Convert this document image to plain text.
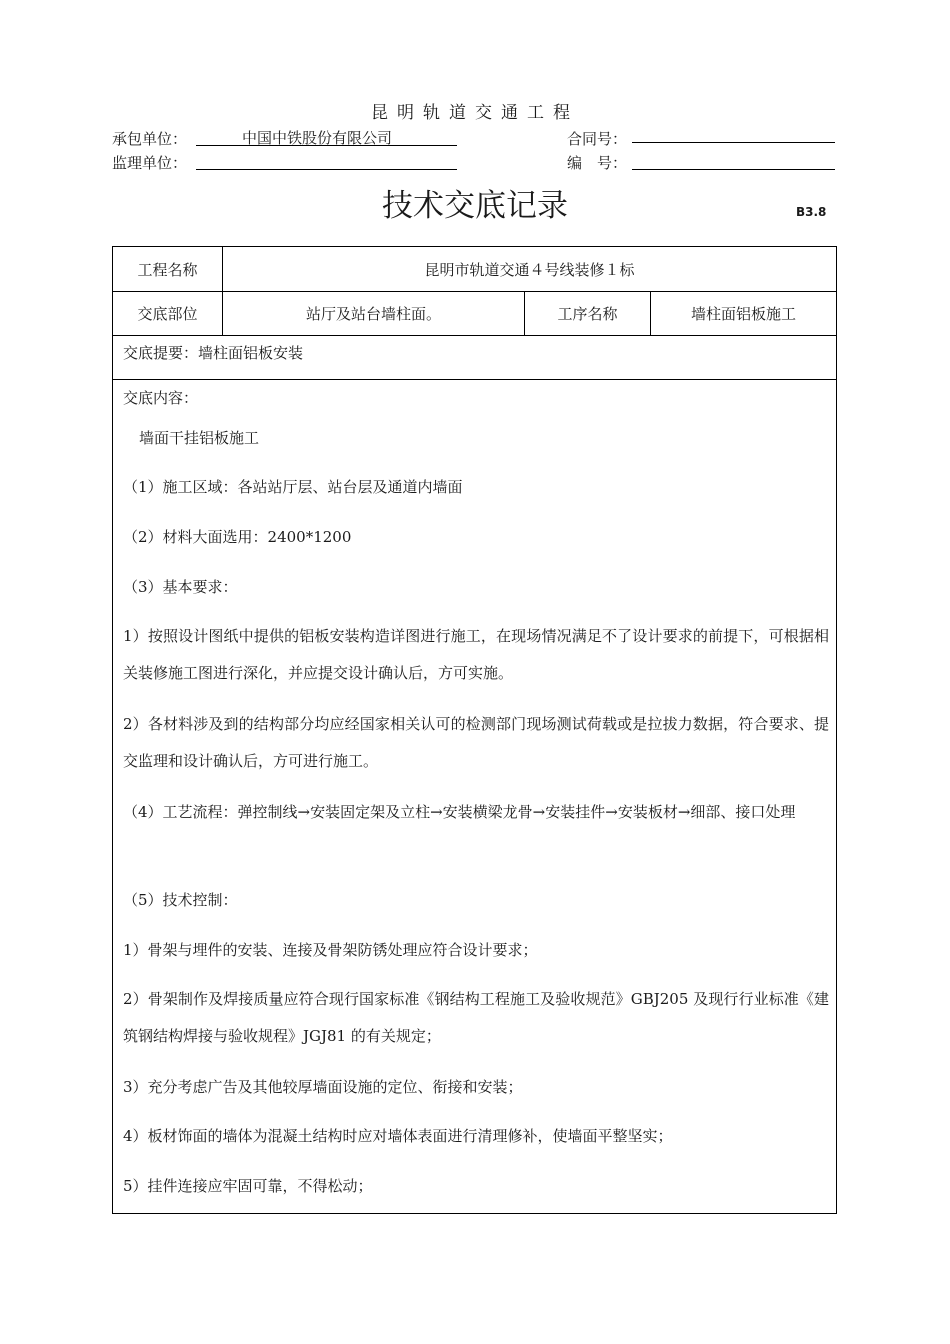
昆明轨道交通工程
承包单位：	中国中铁股份有限公司
监理单位：
合同号：
编　号：
技术交底记录	B3.8
工程名称	昆明市轨道交通４号线装修１标
交底部位	站厅及站台墙柱面。	工序名称	墙柱面铝板施工
交底提要：墙柱面铝板安装

交底内容：

墙面干挂铝板施工

（1）施工区域：各站站厅层、站台层及通道内墙面

（2）材料大面选用：2400*1200

（3）基本要求：

1）按照设计图纸中提供的铝板安装构造详图进行施工，在现场情况满足不了设计要求的前提下，可根据相关装修施工图进行深化，并应提交设计确认后，方可实施。

2）各材料涉及到的结构部分均应经国家相关认可的检测部门现场测试荷载或是拉拔力数据，符合要求、提交监理和设计确认后，方可进行施工。

（4）工艺流程：弹控制线→安装固定架及立柱→安装横梁龙骨→安装挂件→安装板材→细部、接口处理

（5）技术控制：

1）骨架与埋件的安装、连接及骨架防锈处理应符合设计要求；

2）骨架制作及焊接质量应符合现行国家标准《钢结构工程施工及验收规范》GBJ205 及现行行业标准《建筑钢结构焊接与验收规程》JGJ81 的有关规定；

3）充分考虑广告及其他较厚墙面设施的定位、衔接和安装；

4）板材饰面的墙体为混凝土结构时应对墙体表面进行清理修补，使墙面平整坚实；

5）挂件连接应牢固可靠，不得松动；
